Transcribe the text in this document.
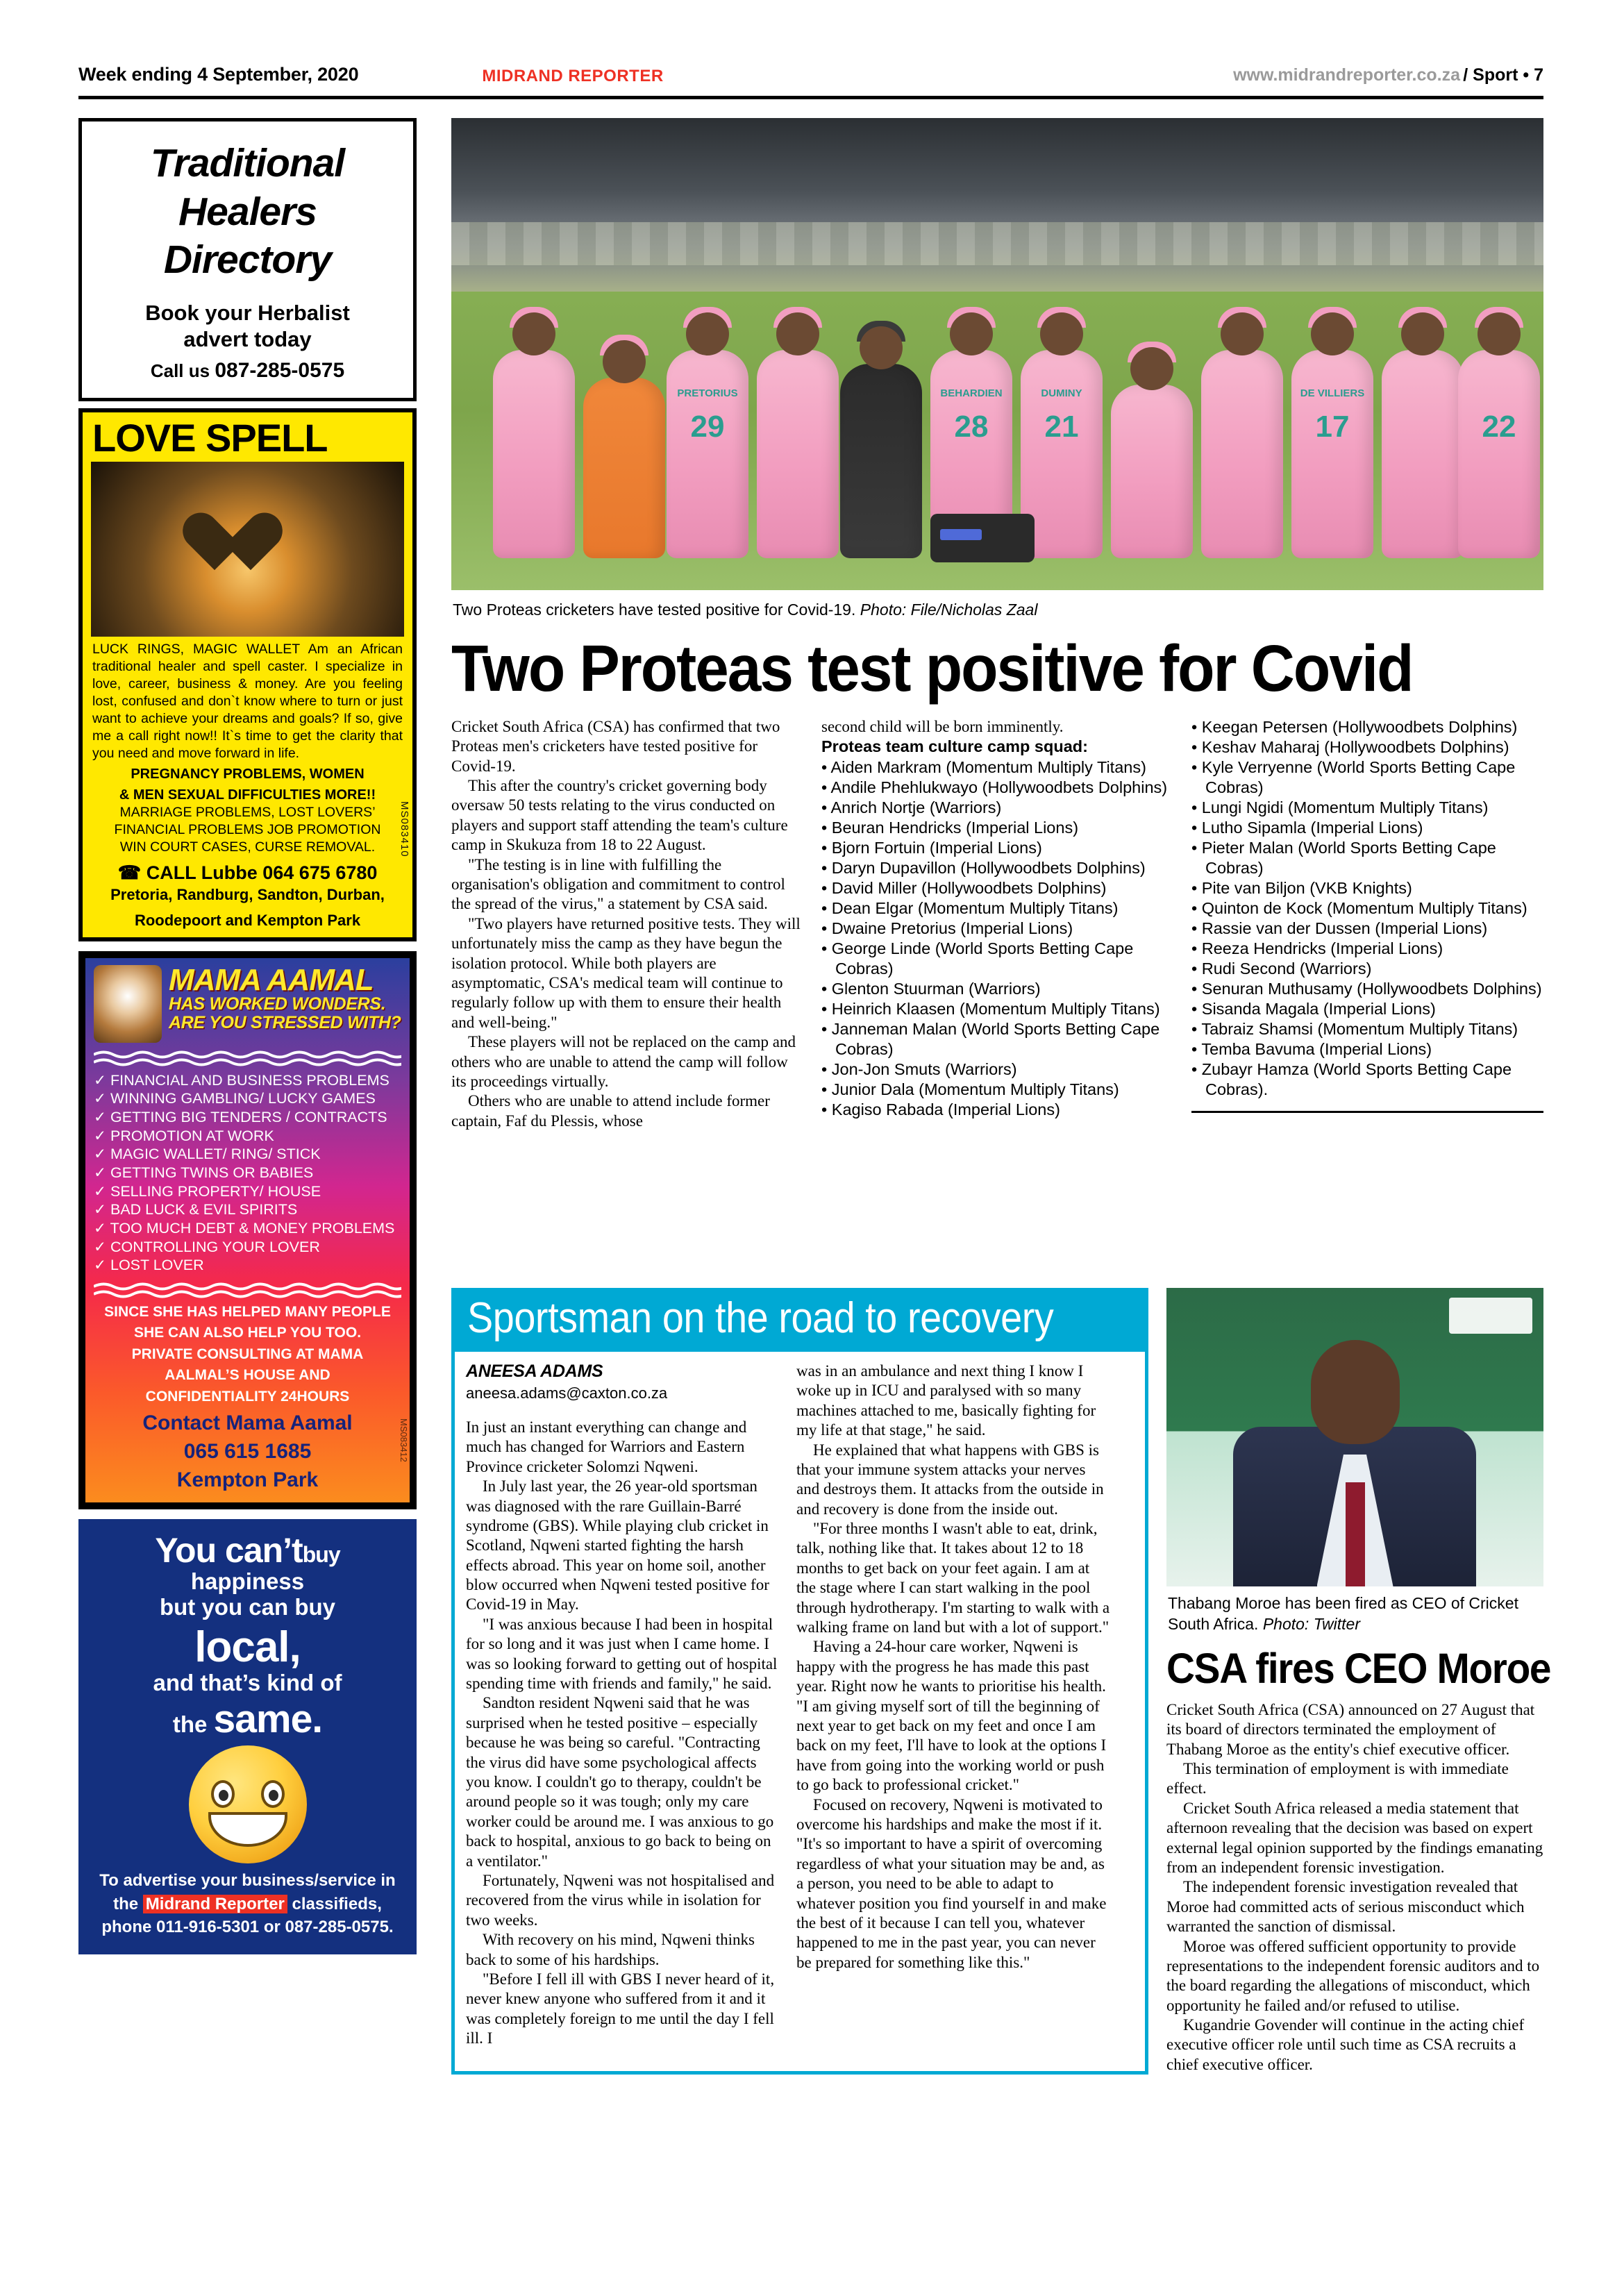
Week ending 4 September, 2020	MIDRAND REPORTER	www.midrandreporter.co.za / Sport • 7
Traditional
Healers
Directory
Book your Herbalist
advert today
Call us 087-285-0575
LOVE SPELL
LUCK RINGS, MAGIC WALLET Am an African traditional healer and spell caster. I specialize in love, career, business & money. Are you feeling lost, confused and don`t know where to turn or just want to achieve your dreams and goals? If so, give me a call right now!! It`s time to get the clarity that you need and move forward in life.
PREGNANCY PROBLEMS, WOMEN
& MEN SEXUAL DIFFICULTIES MORE!!
MARRIAGE PROBLEMS, LOST LOVERS’
FINANCIAL PROBLEMS JOB PROMOTION
WIN COURT CASES, CURSE REMOVAL.
☎ CALL Lubbe 064 675 6780
Pretoria, Randburg, Sandton, Durban,
Roodepoort and Kempton Park
MS083410
MAMA AAMAL
HAS WORKED WONDERS.
ARE YOU STRESSED WITH?
✓ FINANCIAL AND BUSINESS PROBLEMS
✓ WINNING GAMBLING/ LUCKY GAMES
✓ GETTING BIG TENDERS / CONTRACTS
✓ PROMOTION AT WORK
✓ MAGIC WALLET/ RING/ STICK
✓ GETTING TWINS OR BABIES
✓ SELLING PROPERTY/ HOUSE
✓ BAD LUCK & EVIL SPIRITS
✓ TOO MUCH DEBT & MONEY PROBLEMS
✓ CONTROLLING YOUR LOVER
✓ LOST LOVER
SINCE SHE HAS HELPED MANY PEOPLE
SHE CAN ALSO HELP YOU TOO.
PRIVATE CONSULTING AT MAMA
AALMAL’S HOUSE AND
CONFIDENTIALITY 24HOURS
Contact Mama Aamal
065 615 1685
Kempton Park
MS083412
You can’tbuy
happiness
but you can buy
local,
and that’s kind of
the same.
To advertise your business/service in
the Midrand Reporter classifieds,
phone 011-916-5301 or 087-285-0575.
PRETORIUS
29
BEHARDIEN
28
DUMINY
21
DE VILLIERS
17	22
Two Proteas cricketers have tested positive for Covid-19. Photo: File/Nicholas Zaal
Two Proteas test positive for Covid

Cricket South Africa (CSA) has confirmed that two Proteas men's cricketers have tested positive for Covid-19.

This after the country's cricket governing body oversaw 50 tests relating to the virus conducted on players and support staff attending the team's culture camp in Skukuza from 18 to 22 August.

"The testing is in line with fulfilling the organisation's obligation and commitment to control the spread of the virus," a statement by CSA said.

"Two players have returned positive tests. They will unfortunately miss the camp as they have begun the isolation protocol. While both players are asymptomatic, CSA's medical team will continue to regularly follow up with them to ensure their health and well-being."

These players will not be replaced on the camp and others who are unable to attend the camp will follow its proceedings virtually.

Others who are unable to attend include former captain, Faf du Plessis, whose

second child will be born imminently.

Proteas team culture camp squad:
• Aiden Markram (Momentum Multiply Titans)
• Andile Phehlukwayo (Hollywoodbets Dolphins)
• Anrich Nortje (Warriors)
• Beuran Hendricks (Imperial Lions)
• Bjorn Fortuin (Imperial Lions)
• Daryn Dupavillon (Hollywoodbets Dolphins)
• David Miller (Hollywoodbets Dolphins)
• Dean Elgar (Momentum Multiply Titans)
• Dwaine Pretorius (Imperial Lions)
• George Linde (World Sports Betting Cape Cobras)
• Glenton Stuurman (Warriors)
• Heinrich Klaasen (Momentum Multiply Titans)
• Janneman Malan (World Sports Betting Cape Cobras)
• Jon-Jon Smuts (Warriors)
• Junior Dala (Momentum Multiply Titans)
• Kagiso Rabada (Imperial Lions)
• Keegan Petersen (Hollywoodbets Dolphins)
• Keshav Maharaj (Hollywoodbets Dolphins)
• Kyle Verryenne (World Sports Betting Cape Cobras)
• Lungi Ngidi (Momentum Multiply Titans)
• Lutho Sipamla (Imperial Lions)
• Pieter Malan (World Sports Betting Cape Cobras)
• Pite van Biljon (VKB Knights)
• Quinton de Kock (Momentum Multiply Titans)
• Rassie van der Dussen (Imperial Lions)
• Reeza Hendricks (Imperial Lions)
• Rudi Second (Warriors)
• Senuran Muthusamy (Hollywoodbets Dolphins)
• Sisanda Magala (Imperial Lions)
• Tabraiz Shamsi (Momentum Multiply Titans)
• Temba Bavuma (Imperial Lions)
• Zubayr Hamza (World Sports Betting Cape Cobras).
Sportsman on the road to recovery
ANEESA ADAMS
aneesa.adams@caxton.co.za

In just an instant everything can change and much has changed for Warriors and Eastern Province cricketer Solomzi Nqweni.

In July last year, the 26 year-old sportsman was diagnosed with the rare Guillain-Barré syndrome (GBS). While playing club cricket in Scotland, Nqweni started fighting the harsh effects abroad. This year on home soil, another blow occurred when Nqweni tested positive for Covid-19 in May.

"I was anxious because I had been in hospital for so long and it was just when I came home. I was so looking forward to getting out of hospital spending time with friends and family," he said.

Sandton resident Nqweni said that he was surprised when he tested positive – especially because he was being so careful. "Contracting the virus did have some psychological affects you know. I couldn't go to therapy, couldn't be around people so it was tough; only my care worker could be around me. I was anxious to go back to hospital, anxious to go back to being on a ventilator."

Fortunately, Nqweni was not hospitalised and recovered from the virus while in isolation for two weeks.

With recovery on his mind, Nqweni thinks back to some of his hardships.

"Before I fell ill with GBS I never heard of it, never knew anyone who suffered from it and it was completely foreign to me until the day I fell ill. I

was in an ambulance and next thing I know I woke up in ICU and paralysed with so many machines attached to me, basically fighting for my life at that stage," he said.

He explained that what happens with GBS is that your immune system attacks your nerves and destroys them. It attacks from the outside in and recovery is done from the inside out.

"For three months I wasn't able to eat, drink, talk, nothing like that. It takes about 12 to 18 months to get back on your feet again. I am at the stage where I can start walking in the pool through hydrotherapy. I'm starting to walk with a walking frame on land but with a lot of support."

Having a 24-hour care worker, Nqweni is happy with the progress he has made this past year. Right now he wants to prioritise his health. "I am giving myself sort of till the beginning of next year to get back on my feet and once I am back on my feet, I'll have to look at the options I have from going into the working world or push to go back to professional cricket."

Focused on recovery, Nqweni is motivated to overcome his hardships and make the most if it. "It's so important to have a spirit of overcoming regardless of what your situation may be and, as a person, you need to be able to adapt to whatever position you find yourself in and make the best of it because I can tell you, whatever happened to me in the past year, you can never be prepared for something like this."

Thabang Moroe has been fired as CEO of Cricket South Africa. Photo: Twitter
CSA fires CEO Moroe

Cricket South Africa (CSA) announced on 27 August that its board of directors terminated the employment of Thabang Moroe as the entity's chief executive officer.

This termination of employment is with immediate effect.

Cricket South Africa released a media statement that afternoon revealing that the decision was based on expert external legal opinion supported by the findings emanating from an independent forensic investigation.

The independent forensic investigation revealed that Moroe had committed acts of serious misconduct which warranted the sanction of dismissal.

Moroe was offered sufficient opportunity to provide representations to the independent forensic auditors and to the board regarding the allegations of misconduct, which opportunity he failed and/or refused to utilise.

Kugandrie Govender will continue in the acting chief executive officer role until such time as CSA recruits a chief executive officer.
